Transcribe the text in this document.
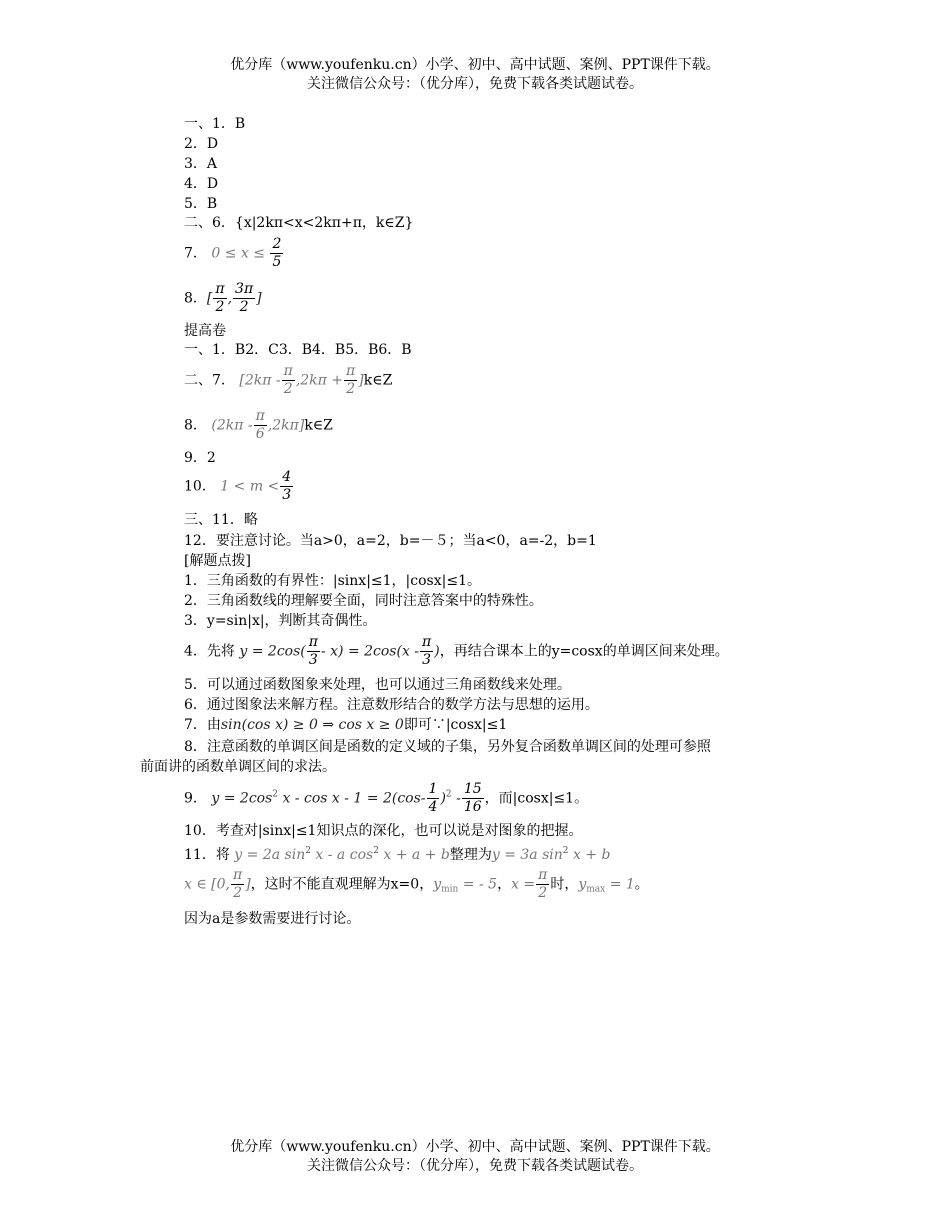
优分库（www.youfenku.cn）小学、初中、高中试题、案例、PPT课件下载。
关注微信公众号：（优分库），免费下载各类试题试卷。
一、1．B
2．D
3．A
4．D
5．B
二、6．{x|2kπ<x<2kπ+π，k∈Z}
7． $0 \le x \le \frac{2}{5}$
8．[ $\frac{\pi}{2}$ , $\frac{3\pi}{2}$ ]
提高卷
一、1．B2．C3．B4．B5．B6．B
二、7． [$2k\pi - \frac{\pi}{2} ,2k\pi + \frac{\pi}{2}$ ]k∈Z
8． ($2k\pi - \frac{\pi}{6}$ ,2kπ]k∈Z
9．2
10． $1 < m < \frac{4}{3}$
三、11．略
12．要注意讨论。当a>0，a=2，b=－５；当a<0，a=-2，b=1
[解题点拨]
1．三角函数的有界性：|sinx|≤1，|cosx|≤1。
2．三角函数线的理解要全面，同时注意答案中的特殊性。
3．y=sin|x|，判断其奇偶性。
4．先将 $y = 2\cos( \frac{\pi}{3} - x) = 2\cos(x - \frac{\pi}{3}$ )，再结合课本上的y=cosx的单调区间来处理。
5．可以通过函数图象来处理，也可以通过三角函数线来处理。
6．通过图象法来解方程。注意数形结合的数学方法与思想的运用。
7．由sin(cos x) ≥ 0 ⇒ cos x ≥ 0即可∵|cosx|≤1
8．注意函数的单调区间是函数的定义域的子集，另外复合函数单调区间的处理可参照
前面讲的函数单调区间的求法。
9． $y = 2\cos^2$ $x - \cos x - 1 = 2(\cos- \frac{1}{4} )^2 - \frac{15}{16}$ ，而|cosx|≤1。
10．考查对|sinx|≤1知识点的深化，也可以说是对图象的把握。
11．将 y = 2a $\sin^2 x$ - a $\cos^2 x + a + b$整理为y = 3a $\sin^2 x + b$
x ∈ [0, $\frac{\pi}{2}$ ]，这时不能直观理解为x=0，$y_{min}$ = - 5，$x = \frac{\pi}{2}$ 时，$y_{max} = 1$。
因为a是参数需要进行讨论。
优分库（www.youfenku.cn）小学、初中、高中试题、案例、PPT课件下载。
关注微信公众号：（优分库），免费下载各类试题试卷。
